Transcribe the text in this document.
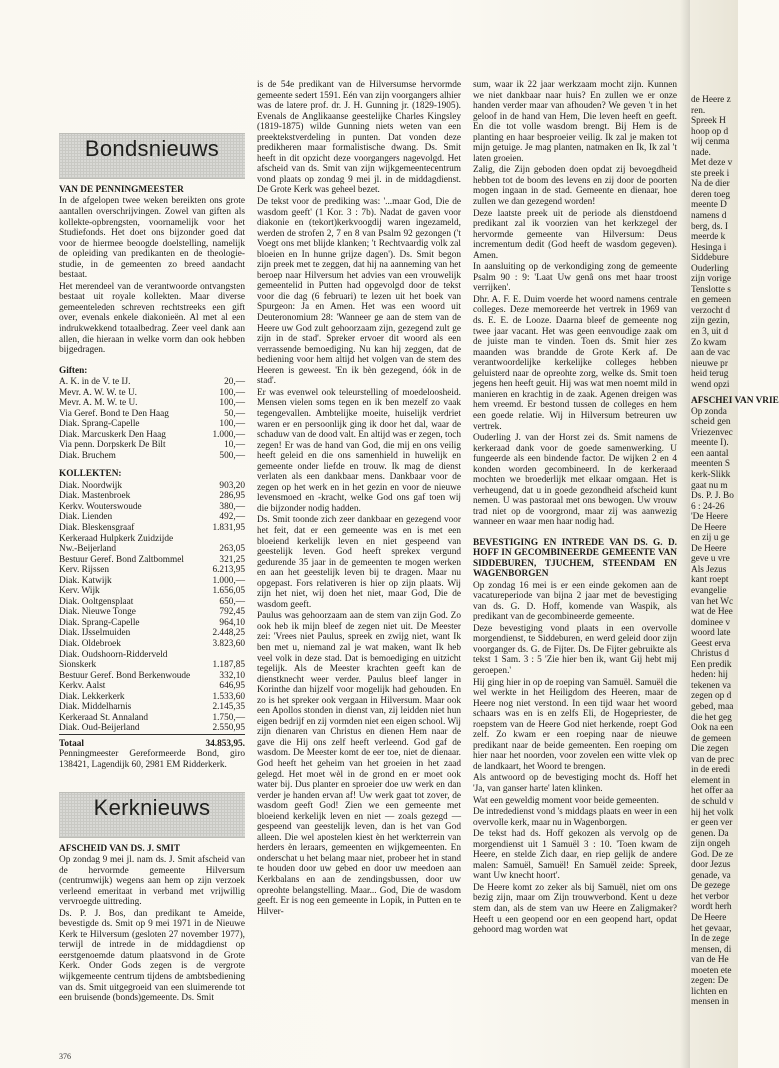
Bondsnieuws
VAN DE PENNINGMEESTER

In de afgelopen twee weken bereikten ons grote aantallen overschrijvingen. Zowel van giften als kollekte-opbrengsten, voornamelijk voor het Studiefonds. Het doet ons bijzonder goed dat voor de hiermee beoogde doelstelling, namelijk de opleiding van predikanten en de theologie-studie, in de gemeenten zo breed aandacht bestaat.

Het merendeel van de verantwoorde ontvangsten bestaat uit royale kollekten. Maar diverse gemeenteleden schreven rechtstreeks een gift over, evenals enkele diakonieën. Al met al een indrukwekkend totaalbedrag. Zeer veel dank aan allen, die hieraan in welke vorm dan ook hebben bijgedragen.

Giften:
A. K. in de V. te IJ.	20,—
Mevr. A. W. W. te U.	100,—
Mevr. A. M. W. te U.	100,—
Via Geref. Bond te Den Haag	50,—
Diak. Sprang-Capelle	100,—
Diak. Marcuskerk Den Haag	1.000,—
Via penn. Dorpskerk De Bilt	10,—
Diak. Bruchem	500,—
KOLLEKTEN:
Diak. Noordwijk	903,20
Diak. Mastenbroek	286,95
Kerkv. Wouterswoude	380,—
Diak. Lienden	492,—
Diak. Bleskensgraaf	1.831,95
Kerkeraad Hulpkerk Zuidzijde	
Nw.-Beijerland	263,05
Bestuur Geref. Bond Zaltbommel	321,25
Kerv. Rijssen	6.213,95
Diak. Katwijk	1.000,—
Kerv. Wijk	1.656,05
Diak. Ooltgensplaat	650,—
Diak. Nieuwe Tonge	792,45
Diak. Sprang-Capelle	964,10
Diak. IJsselmuiden	2.448,25
Diak. Oldebroek	3.823,60
Diak. Oudshoorn-Ridderveld	
Sionskerk	1.187,85
Bestuur Geref. Bond Berkenwoude	332,10
Kerkv. Aalst	646,95
Diak. Lekkerkerk	1.533,60
Diak. Middelharnis	2.145,35
Kerkeraad St. Annaland	1.750,—
Diak. Oud-Beijerland	2.550,95
Totaal	34.853,95.

Penningmeester Gereformeerde Bond, giro 138421, Lagendijk 60, 2981 EM Ridderkerk.

Kerknieuws
AFSCHEID VAN DS. J. SMIT

Op zondag 9 mei jl. nam ds. J. Smit afscheid van de hervormde gemeente Hilversum (centrumwijk) wegens aan hem op zijn verzoek verleend emeritaat in verband met vrijwillig vervroegde uittreding.

Ds. P. J. Bos, dan predikant te Ameide, bevestigde ds. Smit op 9 mei 1971 in de Nieuwe Kerk te Hilversum (gesloten 27 november 1977), terwijl de intrede in de middagdienst op eerstgenoemde datum plaatsvond in de Grote Kerk. Onder Gods zegen is de vergrote wijkgemeente centrum tijdens de ambtsbediening van ds. Smit uitgegroeid van een sluimerende tot een bruisende (bonds)gemeente. Ds. Smit

is de 54e predikant van de Hilversumse hervormde gemeente sedert 1591. Eén van zijn voorgangers alhier was de latere prof. dr. J. H. Gunning jr. (1829-1905). Evenals de Anglikaanse geestelijke Charles Kingsley (1819-1875) wilde Gunning niets weten van een preektekstverdeling in punten. Dat vonden deze predikheren maar formalistische dwang. Ds. Smit heeft in dit opzicht deze voorgangers nagevolgd. Het afscheid van ds. Smit van zijn wijkgemeentecentrum vond plaats op zondag 9 mei jl. in de middagdienst. De Grote Kerk was geheel bezet.

De tekst voor de prediking was: '...maar God, Die de wasdom geeft' (1 Kor. 3 : 7b). Nadat de gaven voor diakonie en (tekort)kerkvoogdij waren ingezameld, werden de strofen 2, 7 en 8 van Psalm 92 gezongen ('t Voegt ons met blijde klanken; 't Rechtvaardig volk zal bloeien en In hunne grijze dagen'). Ds. Smit begon zijn preek met te zeggen, dat hij na aanneming van het beroep naar Hilversum het advies van een vrouwelijk gemeentelid in Putten had opgevolgd door de tekst voor die dag (6 februari) te lezen uit het boek van Spurgeon: Ja en Amen. Het was een woord uit Deuteronomium 28: 'Wanneer ge aan de stem van de Heere uw God zult gehoorzaam zijn, gezegend zult ge zijn in de stad'. Spreker ervoer dit woord als een verrassende bemoediging. Nu kan hij zeggen, dat de bediening voor hem altijd het volgen van de stem des Heeren is geweest. 'En ik bèn gezegend, óók in de stad'.

Er was evenwel ook teleurstelling of moedeloosheid. Mensen vielen soms tegen en ik ben mezelf zo vaak tegengevallen. Ambtelijke moeite, huiselijk verdriet waren er en persoonlijk ging ik door het dal, waar de schaduw van de dood valt. En altijd was er zegen, toch zegen! Er was de hand van God, die mij en ons veilig heeft geleid en die ons samenhield in huwelijk en gemeente onder liefde en trouw. Ik mag de dienst verlaten als een dankbaar mens. Dankbaar voor de zegen op het werk en in het gezin en voor de nieuwe levensmoed en -kracht, welke God ons gaf toen wij die bijzonder nodig hadden.

Ds. Smit toonde zich zeer dankbaar en gezegend voor het feit, dat er een gemeente was en is met een bloeiend kerkelijk leven en niet gespeend van geestelijk leven. God heeft sprekex vergund gedurende 35 jaar in de gemeenten te mogen werken en aan het geestelijk leven bij te dragen. Maar nu opgepast. Fors relativeren is hier op zijn plaats. Wij zijn het niet, wij doen het niet, maar God, Die de wasdom geeft.

Paulus was gehoorzaam aan de stem van zijn God. Zo ook heb ik mijn bleef de zegen niet uit. De Meester zei: 'Vrees niet Paulus, spreek en zwijg niet, want Ik ben met u, niemand zal je wat maken, want Ik heb veel volk in deze stad. Dat is bemoediging en uitzicht tegelijk. Als de Meester krachten geeft kan de dienstknecht weer verder. Paulus bleef langer in Korinthe dan hijzelf voor mogelijk had gehouden. En zo is het spreker ook vergaan in Hilversum. Maar ook een Apollos stonden in dienst van, zij leidden niet hun eigen bedrijf en zij vormden niet een eigen school. Wij zijn dienaren van Christus en dienen Hem naar de gave die Hij ons zelf heeft verleend. God gaf de wasdom. De Meester komt de eer toe, niet de dienaar. God heeft het geheim van het groeien in het zaad gelegd. Het moet wèl in de grond en er moet ook water bij. Dus planter en sproeier doe uw werk en dan verder je handen ervan af! Uw werk gaat tot zover, de wasdom geeft God! Zien we een gemeente met bloeiend kerkelijk leven en niet — zoals gezegd — gespeend van geestelijk leven, dan is het van God alleen. Die wel apostelen kiest èn het werkterrein van herders èn leraars, gemeenten en wijkgemeenten. En onderschat u het belang maar niet, probeer het in stand te houden door uw gebed en door uw meedoen aan Kerkbalans en aan de zendingsbussen, door uw opreohte belangstelling. Maar... God, Die de wasdom geeft. Er is nog een gemeente in Lopik, in Putten en te Hilver-

sum, waar ik 22 jaar werkzaam mocht zijn. Kunnen we niet dankbaar naar huis? En zullen we er onze handen verder maar van afhouden? We geven 't in het geloof in de hand van Hem, Die leven heeft en geeft. En die tot volle wasdom brengt. Bij Hem is de planting en haar besproeier veilig. Ik zal je maken tot mijn getuige. Je mag planten, natmaken en Ik, Ik zal 't laten groeien.

Zalig, die Zijn geboden doen opdat zij bevoegdheid hebben tot de boom des levens en zij door de poorten mogen ingaan in de stad. Gemeente en dienaar, hoe zullen we dan gezegend worden!

Deze laatste preek uit de periode als dienstdoend predikant zal ik voorzien van het kerkzegel der hervormde gemeente van Hilversum: Deus incrementum dedit (God heeft de wasdom gegeven). Amen.

In aansluiting op de verkondiging zong de gemeente Psalm 90 : 9: 'Laat Uw genâ ons met haar troost verrijken'.

Dhr. A. F. E. Duim voerde het woord namens centrale colleges. Deze memoreerde het vertrek in 1969 van ds. E. E. de Looze. Daarna bleef de gemeente nog twee jaar vacant. Het was geen eenvoudige zaak om de juiste man te vinden. Toen ds. Smit hier zes maanden was brandde de Grote Kerk af. De verantwoordelijke kerkelijke colleges hebben geluisterd naar de opreohte zorg, welke ds. Smit toen jegens hen heeft geuit. Hij was wat men noemt mild in manieren en krachtig in de zaak. Agenen dreigen was hem vreemd. Er bestond tussen de colleges en hem een goede relatie. Wij in Hilversum betreuren uw vertrek.

Ouderling J. van der Horst zei ds. Smit namens de kerkeraad dank voor de goede samenwerking. U fungeerde als een bindende factor. De wijken 2 en 4 konden worden gecombineerd. In de kerkeraad mochten we broederlijk met elkaar omgaan. Het is verheugend, dat u in goede gezondheid afscheid kunt nemen. U was pastoraal met ons bewogen. Uw vrouw trad niet op de voorgrond, maar zij was aanwezig wanneer en waar men haar nodig had.

BEVESTIGING EN INTREDE VAN DS. G. D. HOFF IN GECOMBINEERDE GEMEENTE VAN SIDDEBUREN, TJUCHEM, STEENDAM EN WAGENBORGEN

Op zondag 16 mei is er een einde gekomen aan de vacatureperiode van bijna 2 jaar met de bevestiging van ds. G. D. Hoff, komende van Waspik, als predikant van de gecombineerde gemeente.

Deze bevestiging vond plaats in een overvolle morgendienst, te Siddeburen, en werd geleid door zijn voorganger ds. G. de Fijter. Ds. De Fijter gebruikte als tekst 1 Sam. 3 : 5 'Zie hier ben ik, want Gij hebt mij geroepen.'

Hij ging hier in op de roeping van Samuël. Samuël die wel werkte in het Heiligdom des Heeren, maar de Heere nog niet verstond. In een tijd waar het woord schaars was en is en zelfs Eli, de Hogepriester, de roepstem van de Heere God niet herkende, roept God zelf. Zo kwam er een roeping naar de nieuwe predikant naar de beide gemeenten. Een roeping om hier naar het noorden, voor zovelen een witte vlek op de landkaart, het Woord te brengen.

Als antwoord op de bevestiging mocht ds. Hoff het 'Ja, van ganser harte' laten klinken.

Wat een geweldig moment voor beide gemeenten.

De intrededienst vond 's middags plaats en weer in een overvolle kerk, maar nu in Wagenborgen.

De tekst had ds. Hoff gekozen als vervolg op de morgendienst uit 1 Samuël 3 : 10. 'Toen kwam de Heere, en stelde Zich daar, en riep gelijk de andere malen: Samuël, Samuël! En Samuël zeide: Spreek, want Uw knecht hoort'.

De Heere komt zo zeker als bij Samuël, niet om ons bezig zijn, maar om Zijn trouwverbond. Kent u deze stem dan, als de stem van uw Heere en Zaligmaker? Heeft u een geopend oor en een geopend hart, opdat gehoord mag worden wat

de Heere z

ren.

Spreek H

hoop op d

wij cenma

nade.

Met deze v

ste preek i

Na de dier

deren toeg

meente D

namens d

berg, ds. I

meerde k

Hesinga i

Siddebure

Ouderling

zijn vorige

Tenslotte s

en gemeen

verzocht d

zijn gezin,

en 3, uit d

Zo kwam

aan de vac

nieuwe pr

heid terug

wend opzi

AFSCHEI VAN VRIE

Op zonda

scheid gen

Vriezenvec

meente I).

een aantal

meenten S

kerk-Slikk

gaat nu m

Ds. P. J. Bo

6 : 24-26

'De Heere

De Heere

en zij u ge

De Heere

geve u vre

Als Jezus

kant roept

evangelie

van het Wc

wat de Hee

dominee v

woord late

Geest erva

Christus d

Een predik

heden: hij

tekenen va

zegen op d

gebed, maa

die het geg

Ook na een

de gemeen

Die zegen

van de prec

in de eredi

element in

het offer aa

de schuld v

hij het volk

er geen ver

genen. Da

zijn ongeh

God. De ze

door Jezus

genade, va

De gezege

het verbor

wordt herh

De Heere

het gevaar,

In de zege

mensen, di

van de He

moeten ete

zegen: De

lichten en

mensen in

376
